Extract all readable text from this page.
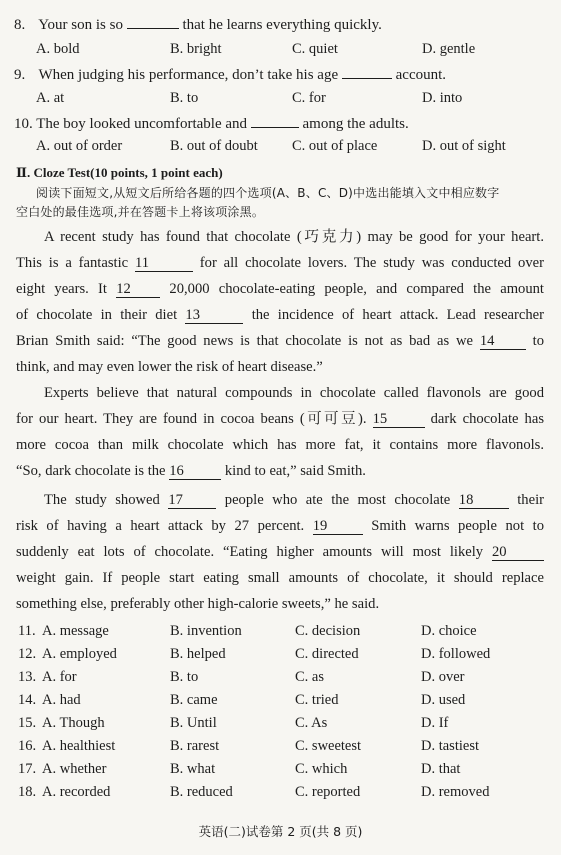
8. Your son is so	that he learns everything quickly.
A. bold	B. bright	C. quiet	D. gentle
9. When judging his performance, don’t take his age	account.
A. at	B. to	C. for	D. into
10. The boy looked uncomfortable and	among the adults.
A. out of order	B. out of doubt C. out of place	D. out of sight
Ⅱ. Cloze Test(10 points, 1 point each)
阅读下面短文,从短文后所给各题的四个选项(A、B、C、D)中选出能填入文中相应数字
空白处的最佳选项,并在答题卡上将该项涂黑。
A recent study has found that chocolate (巧克力) may be good for your heart.
This is a fantastic 11	for all chocolate lovers. The study was conducted over
eight years. It 12	20,000 chocolate-eating people, and compared the amount
of chocolate in their diet 13	the incidence of heart attack. Lead researcher
Brian Smith said: “The good news is that chocolate is not as bad as we 14	to
think, and may even lower the risk of heart disease.”
Experts believe that natural compounds in chocolate called flavonols are good
for our heart. They are found in cocoa beans (可可豆). 15	dark chocolate has
more cocoa than milk chocolate which has more fat, it contains more flavonols.
“So, dark chocolate is the 16	kind to eat,” said Smith.
The study showed 17	people who ate the most chocolate 18	their
risk of having a heart attack by 27 percent. 19	Smith warns people not to
suddenly eat lots of chocolate. “Eating higher amounts will most likely 20
weight gain. If people start eating small amounts of chocolate, it should replace
something else, preferably other high-calorie sweets,” he said.
11. A. message	B. invention	C. decision	D. choice
12. A. employed	B. helped	C. directed	D. followed
13. A. for	B. to	C. as	D. over
14. A. had	B. came	C. tried	D. used
15. A. Though	B. Until	C. As	D. If
16. A. healthiest	B. rarest	C. sweetest	D. tastiest
17. A. whether	B. what	C. which	D. that
18. A. recorded	B. reduced	C. reported	D. removed
英语(二)试卷第 2 页(共 8 页)
